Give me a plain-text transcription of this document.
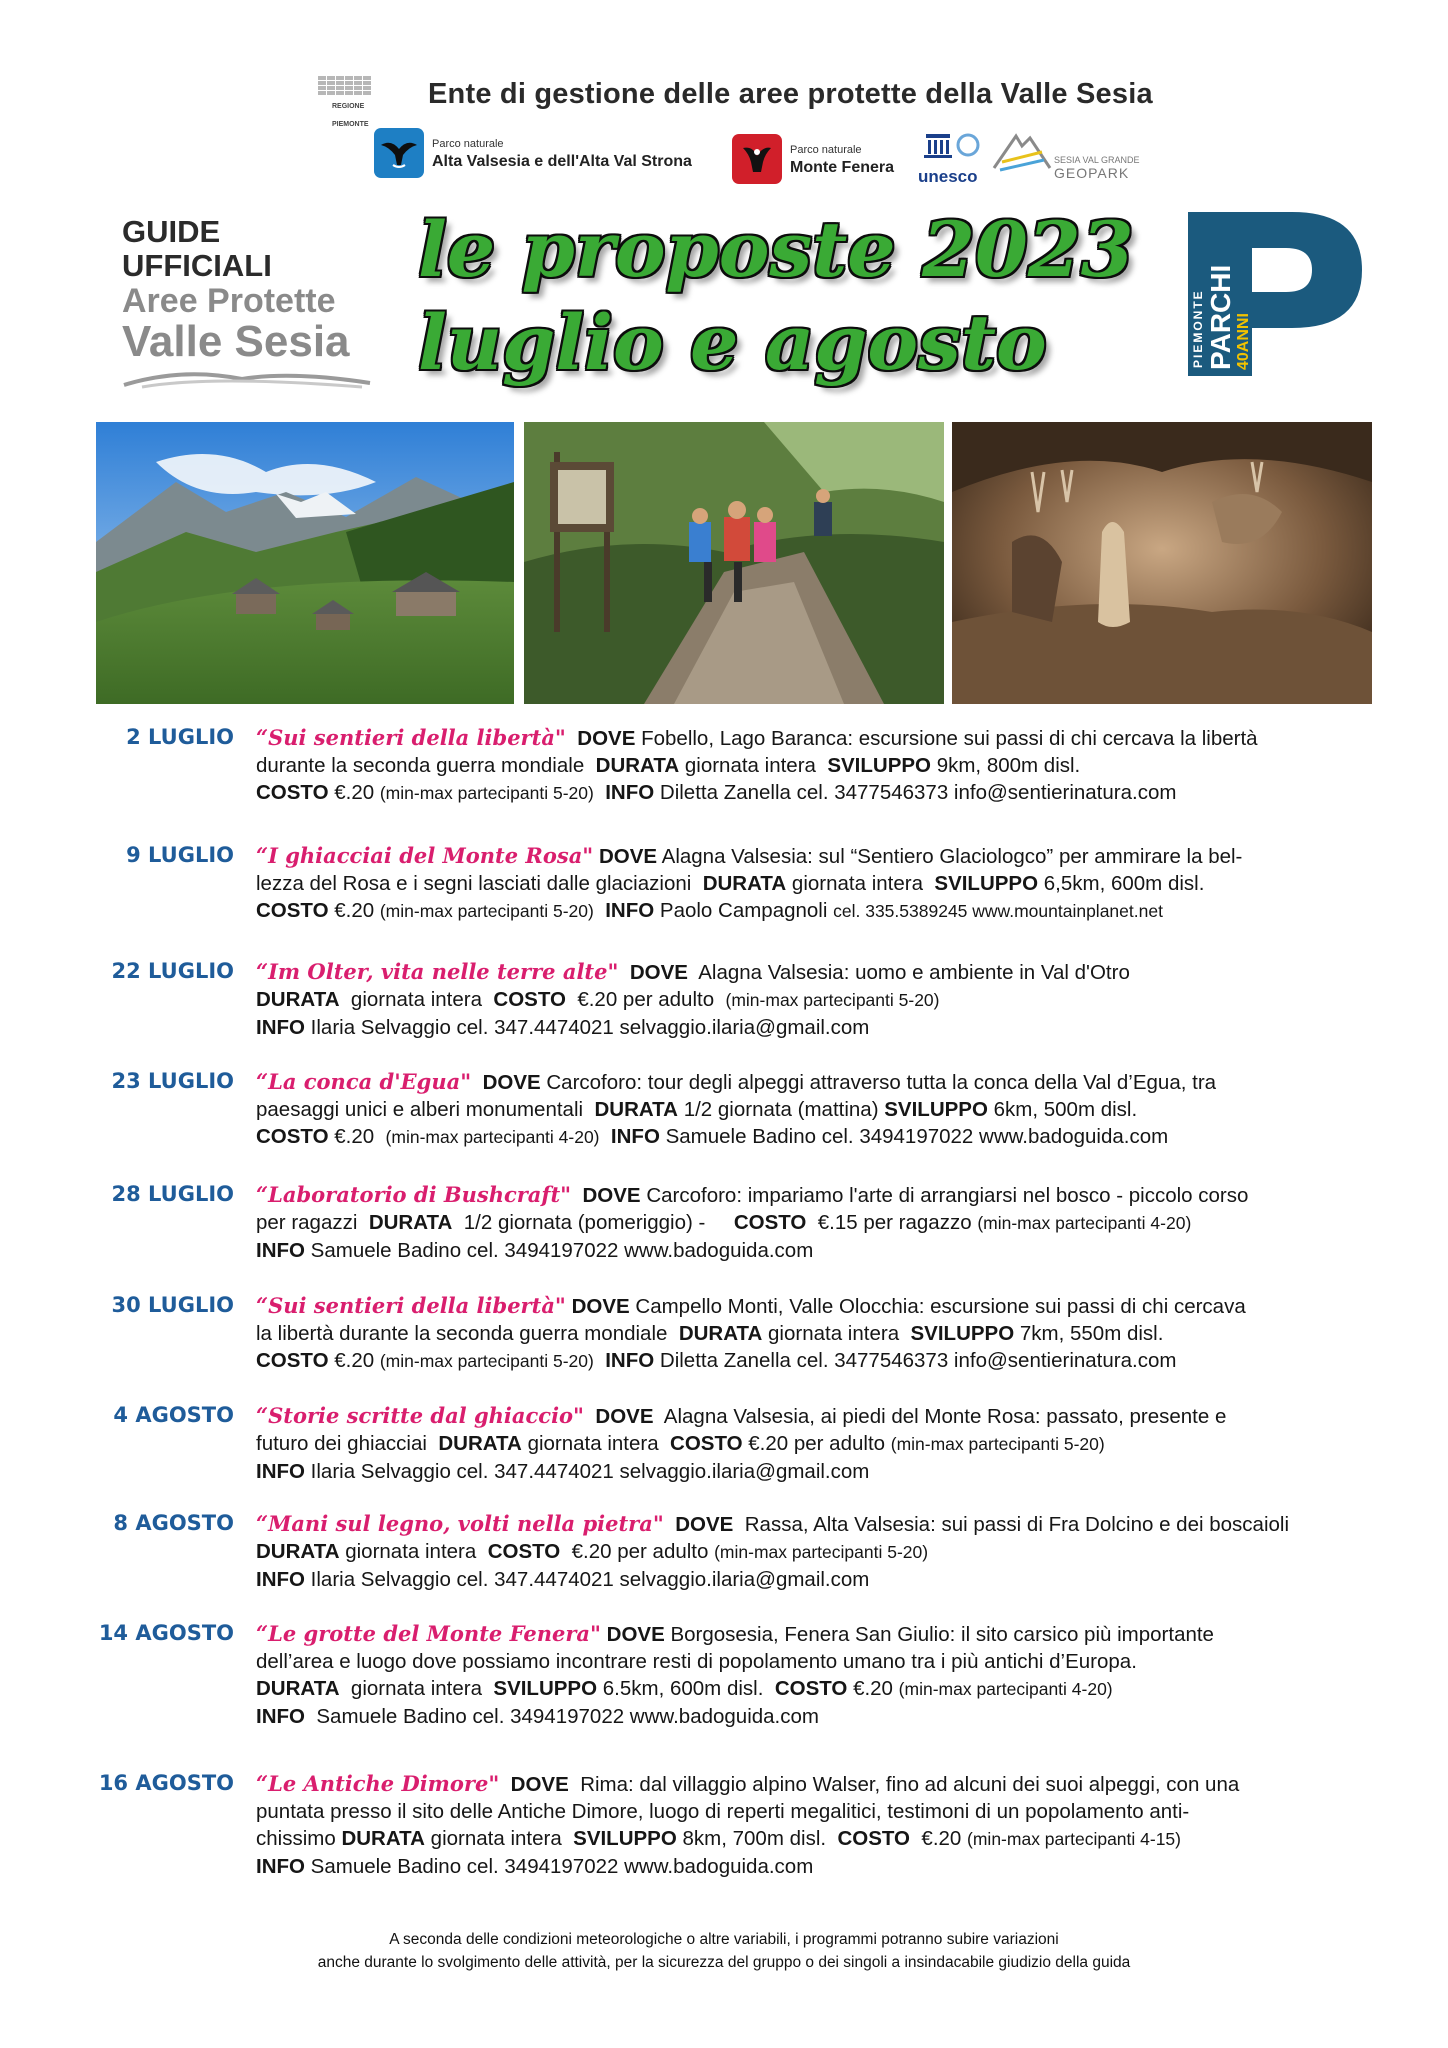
REGIONE
PIEMONTE
Ente di gestione delle aree protette della Valle Sesia
Parco naturale
Alta Valsesia e dell'Alta Val Strona
Parco naturale
Monte Fenera unesco
SESIA VAL GRANDE
GEOPARK
GUIDE UFFICIALI
Aree Protette
Valle Sesia
le proposte 2023
luglio e agosto	PIEMONTE PARCHI 40ANNI
2 LUGLIO “Sui sentieri della libertà" DOVE Fobello, Lago Baranca: escursione sui passi di chi cercava la libertà
durante la seconda guerra mondiale DURATA giornata intera SVILUPPO 9km, 800m disl.
COSTO €.20 (min-max partecipanti 5-20) INFO Diletta Zanella cel. 3477546373 info@sentierinatura.com
9 LUGLIO “I ghiacciai del Monte Rosa" DOVE Alagna Valsesia: sul “Sentiero Glaciologco” per ammirare la bel-
lezza del Rosa e i segni lasciati dalle glaciazioni DURATA giornata intera SVILUPPO 6,5km, 600m disl.
COSTO €.20 (min-max partecipanti 5-20) INFO Paolo Campagnoli cel. 335.5389245 www.mountainplanet.net
22 LUGLIO “Im Olter, vita nelle terre alte" DOVE Alagna Valsesia: uomo e ambiente in Val d'Otro
DURATA giornata intera COSTO €.20 per adulto (min-max partecipanti 5-20)
INFO Ilaria Selvaggio cel. 347.4474021 selvaggio.ilaria@gmail.com
23 LUGLIO “La conca d'Egua" DOVE Carcoforo: tour degli alpeggi attraverso tutta la conca della Val d’Egua, tra
paesaggi unici e alberi monumentali DURATA 1/2 giornata (mattina) SVILUPPO 6km, 500m disl.
COSTO €.20 (min-max partecipanti 4-20) INFO Samuele Badino cel. 3494197022 www.badoguida.com
28 LUGLIO “Laboratorio di Bushcraft" DOVE Carcoforo: impariamo l'arte di arrangiarsi nel bosco - piccolo corso
per ragazzi DURATA 1/2 giornata (pomeriggio) - COSTO €.15 per ragazzo (min-max partecipanti 4-20)
INFO Samuele Badino cel. 3494197022 www.badoguida.com
30 LUGLIO “Sui sentieri della libertà" DOVE Campello Monti, Valle Olocchia: escursione sui passi di chi cercava
la libertà durante la seconda guerra mondiale DURATA giornata intera SVILUPPO 7km, 550m disl.
COSTO €.20 (min-max partecipanti 5-20) INFO Diletta Zanella cel. 3477546373 info@sentierinatura.com
4 AGOSTO “Storie scritte dal ghiaccio" DOVE Alagna Valsesia, ai piedi del Monte Rosa: passato, presente e
futuro dei ghiacciai DURATA giornata intera COSTO €.20 per adulto (min-max partecipanti 5-20)
INFO Ilaria Selvaggio cel. 347.4474021 selvaggio.ilaria@gmail.com
8 AGOSTO “Mani sul legno, volti nella pietra" DOVE Rassa, Alta Valsesia: sui passi di Fra Dolcino e dei boscaioli
DURATA giornata intera COSTO €.20 per adulto (min-max partecipanti 5-20)
INFO Ilaria Selvaggio cel. 347.4474021 selvaggio.ilaria@gmail.com
14 AGOSTO “Le grotte del Monte Fenera" DOVE Borgosesia, Fenera San Giulio: il sito carsico più importante
dell’area e luogo dove possiamo incontrare resti di popolamento umano tra i più antichi d’Europa.
DURATA giornata intera SVILUPPO 6.5km, 600m disl. COSTO €.20 (min-max partecipanti 4-20)
INFO Samuele Badino cel. 3494197022 www.badoguida.com
16 AGOSTO “Le Antiche Dimore" DOVE Rima: dal villaggio alpino Walser, fino ad alcuni dei suoi alpeggi, con una
puntata presso il sito delle Antiche Dimore, luogo di reperti megalitici, testimoni di un popolamento anti-
chissimo DURATA giornata intera SVILUPPO 8km, 700m disl. COSTO €.20 (min-max partecipanti 4-15)
INFO Samuele Badino cel. 3494197022 www.badoguida.com
A seconda delle condizioni meteorologiche o altre variabili, i programmi potranno subire variazioni
anche durante lo svolgimento delle attività, per la sicurezza del gruppo o dei singoli a insindacabile giudizio della guida
